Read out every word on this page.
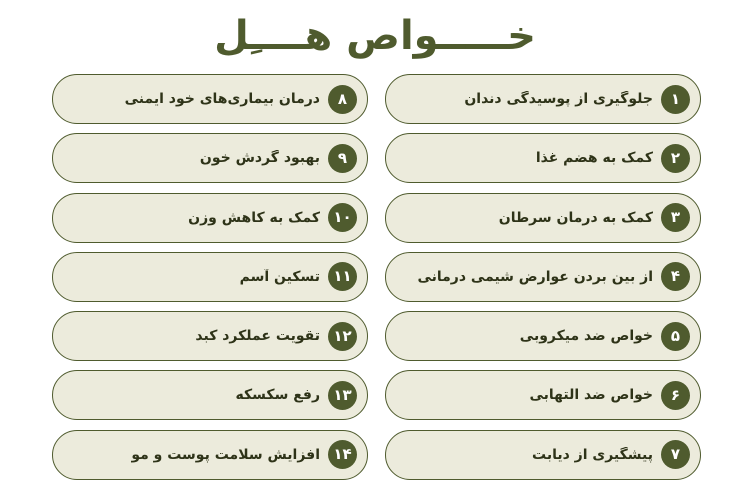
خـــــواص هــــِل
۱
جلوگیری از پوسیدگی دندان
۲
کمک به هضم غذا
۳
کمک به درمان سرطان
۴
از بین بردن عوارض شیمی درمانی
۵
خواص ضد میکروبی
۶
خواص ضد التهابی
۷
پیشگیری از دیابت
۸
درمان بیماری‌های خود ایمنی
۹
بهبود گردش خون
۱۰
کمک به کاهش وزن
۱۱
تسکین آسم
۱۲
تقویت عملکرد کبد
۱۳
رفع سکسکه
۱۴
افزایش سلامت پوست و مو
